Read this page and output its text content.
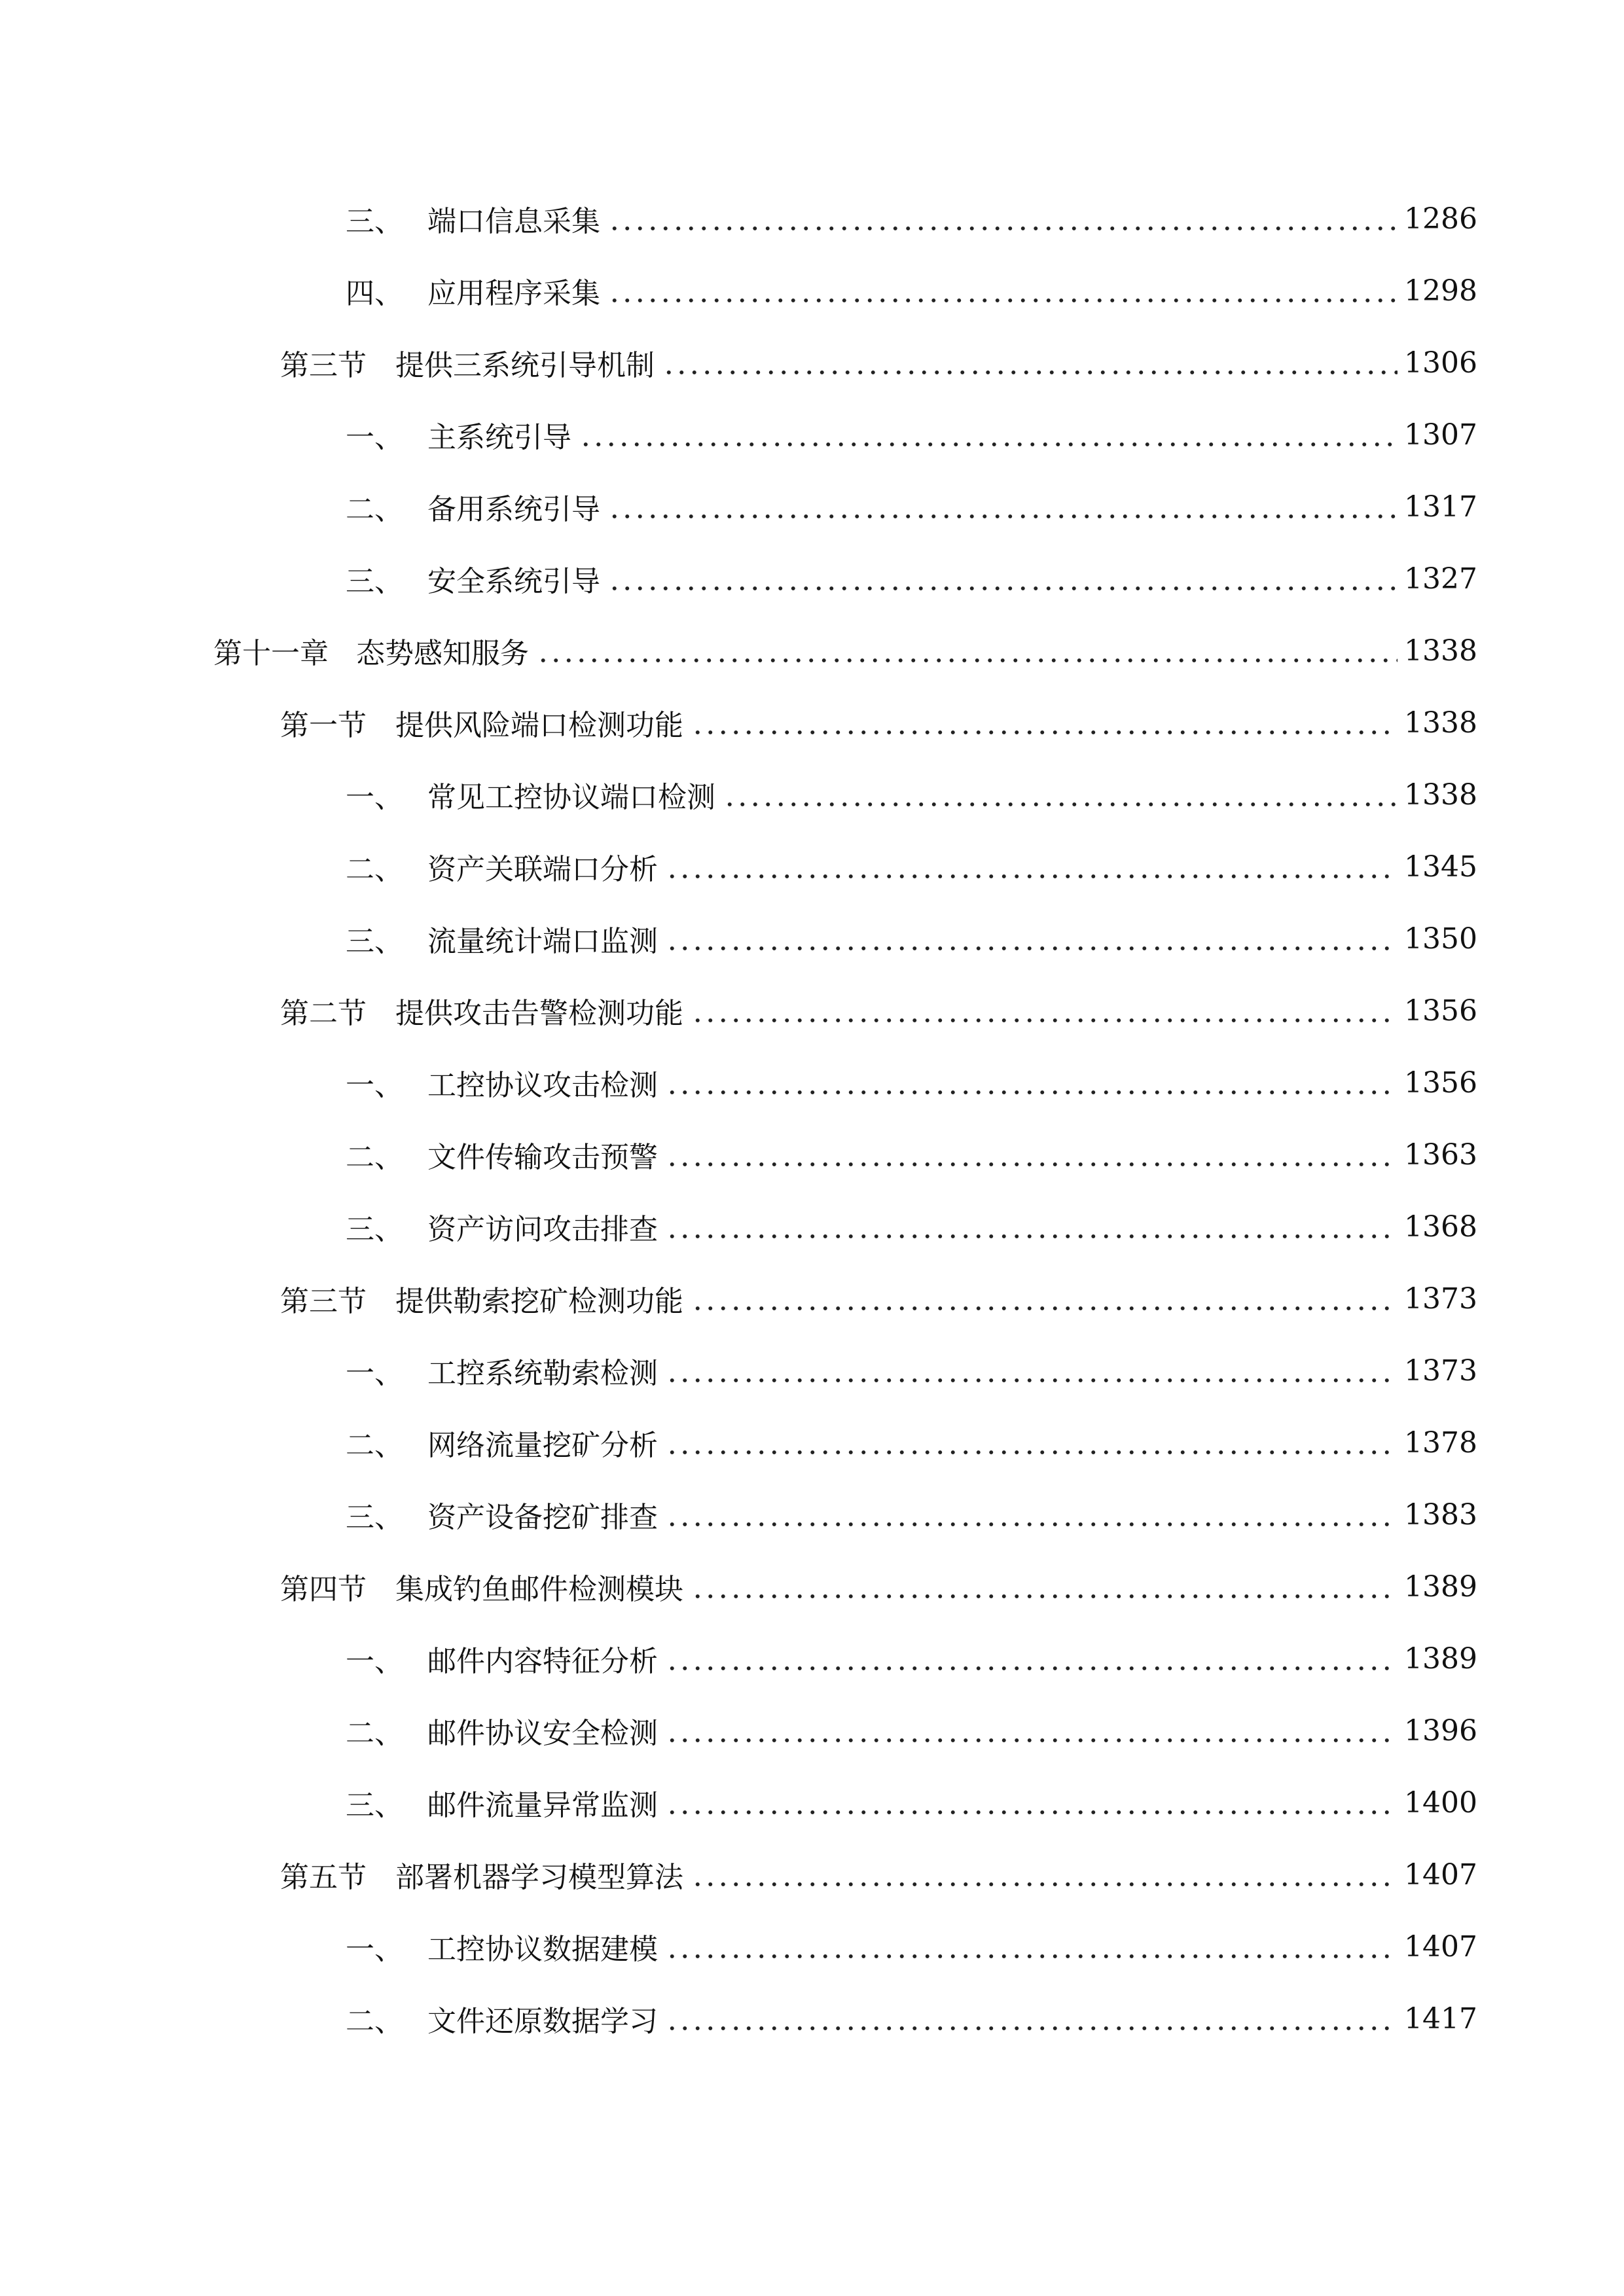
三、 端口信息采集	1286
四、 应用程序采集	1298
第三节	提供三系统引导机制	1306
一、 主系统引导	1307
二、 备用系统引导	1317
三、 安全系统引导	1327
第十一章 态势感知服务	1338
第一节	提供风险端口检测功能	1338
一、 常见工控协议端口检测	1338
二、 资产关联端口分析	1345
三、 流量统计端口监测	1350
第二节	提供攻击告警检测功能	1356
一、 工控协议攻击检测	1356
二、 文件传输攻击预警	1363
三、 资产访问攻击排查	1368
第三节	提供勒索挖矿检测功能	1373
一、 工控系统勒索检测	1373
二、 网络流量挖矿分析	1378
三、 资产设备挖矿排查	1383
第四节	集成钓鱼邮件检测模块	1389
一、 邮件内容特征分析	1389
二、 邮件协议安全检测	1396
三、 邮件流量异常监测	1400
第五节	部署机器学习模型算法	1407
一、 工控协议数据建模	1407
二、 文件还原数据学习	1417
